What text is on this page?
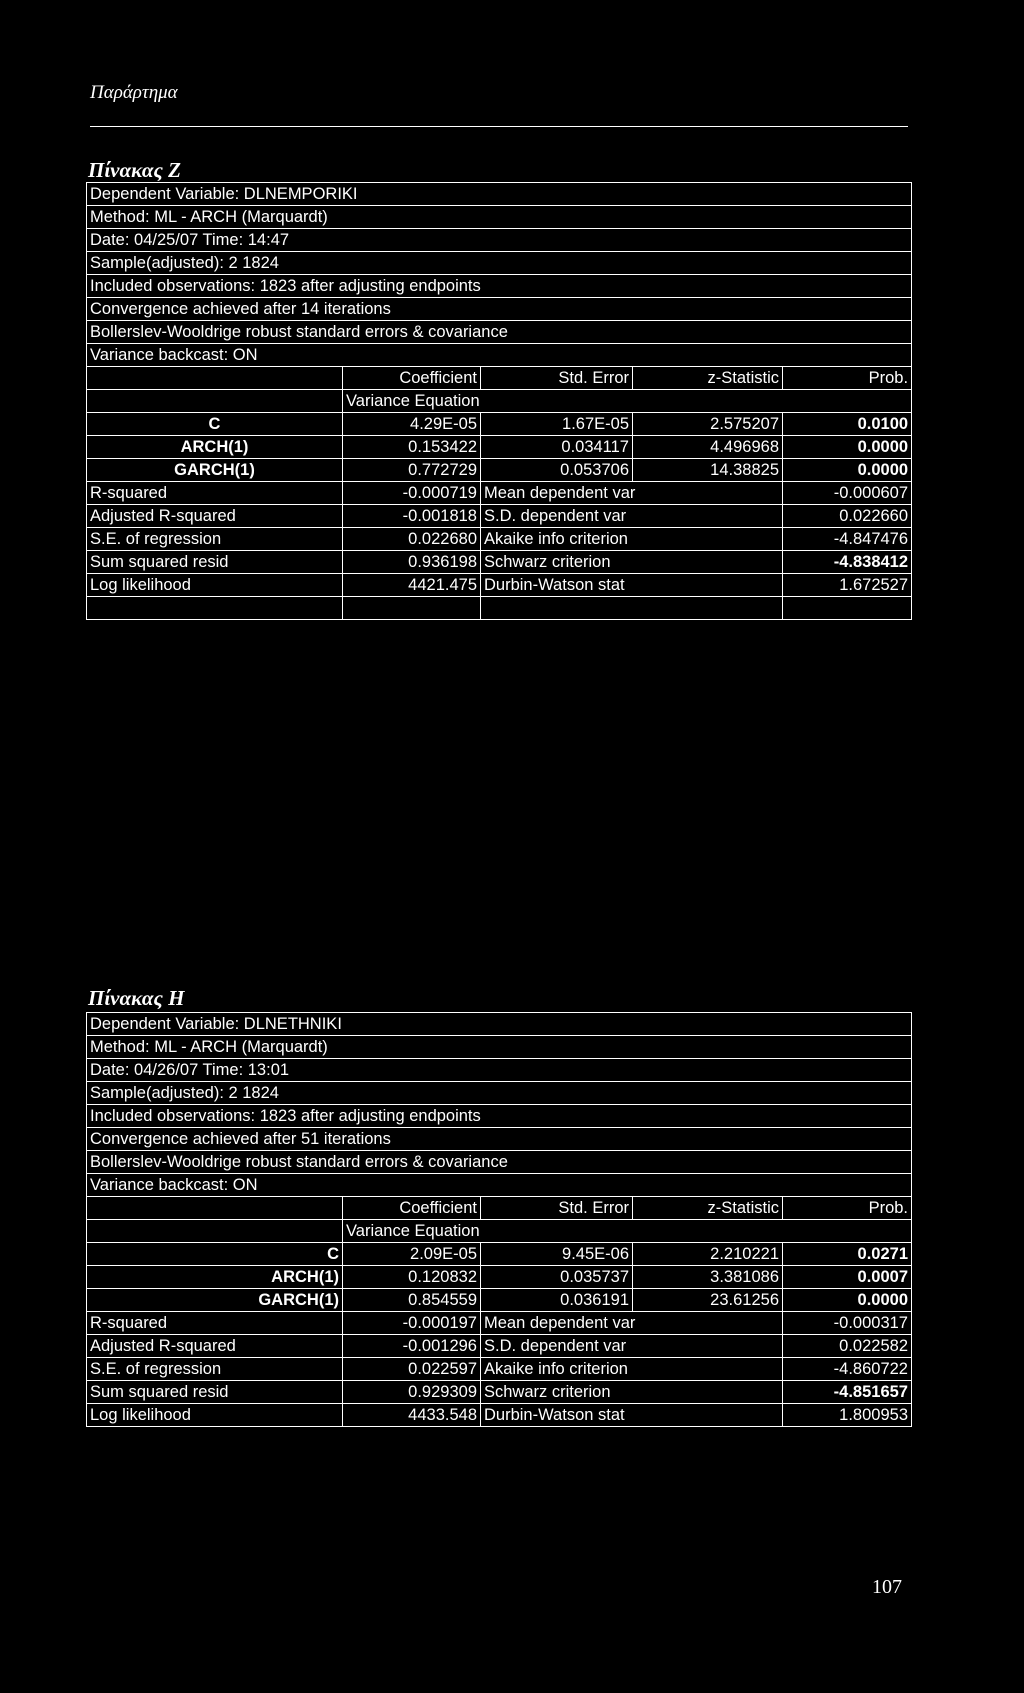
Παράρτημα
Πίνακας Ζ
Dependent Variable: DLNEMPORIKI				
Method: ML - ARCH (Marquardt)				
Date: 04/25/07 Time: 14:47				
Sample(adjusted): 2 1824				
Included observations: 1823 after adjusting endpoints				
Convergence achieved after 14 iterations				
Bollerslev-Wooldrige robust standard errors & covariance				
Variance backcast: ON				
	Coefficient	Std. Error	z-Statistic	Prob.
	Variance Equation			
C	4.29E-05	1.67E-05	2.575207	0.0100
ARCH(1)	0.153422	0.034117	4.496968	0.0000
GARCH(1)	0.772729	0.053706	14.38825	0.0000
R-squared	-0.000719	Mean dependent var		-0.000607
Adjusted R-squared	-0.001818	S.D. dependent var		0.022660
S.E. of regression	0.022680	Akaike info criterion		-4.847476
Sum squared resid	0.936198	Schwarz criterion		-4.838412
Log likelihood	4421.475	Durbin-Watson stat		1.672527

Πίνακας Η
Dependent Variable: DLNETHNIKI				
Method: ML - ARCH (Marquardt)				
Date: 04/26/07 Time: 13:01				
Sample(adjusted): 2 1824				
Included observations: 1823 after adjusting endpoints				
Convergence achieved after 51 iterations				
Bollerslev-Wooldrige robust standard errors & covariance				
Variance backcast: ON				
	Coefficient	Std. Error	z-Statistic	Prob.
	Variance Equation			
C	2.09E-05	9.45E-06	2.210221	0.0271
ARCH(1)	0.120832	0.035737	3.381086	0.0007
GARCH(1)	0.854559	0.036191	23.61256	0.0000
R-squared	-0.000197	Mean dependent var		-0.000317
Adjusted R-squared	-0.001296	S.D. dependent var		0.022582
S.E. of regression	0.022597	Akaike info criterion		-4.860722
Sum squared resid	0.929309	Schwarz criterion		-4.851657
Log likelihood	4433.548	Durbin-Watson stat		1.800953
107
